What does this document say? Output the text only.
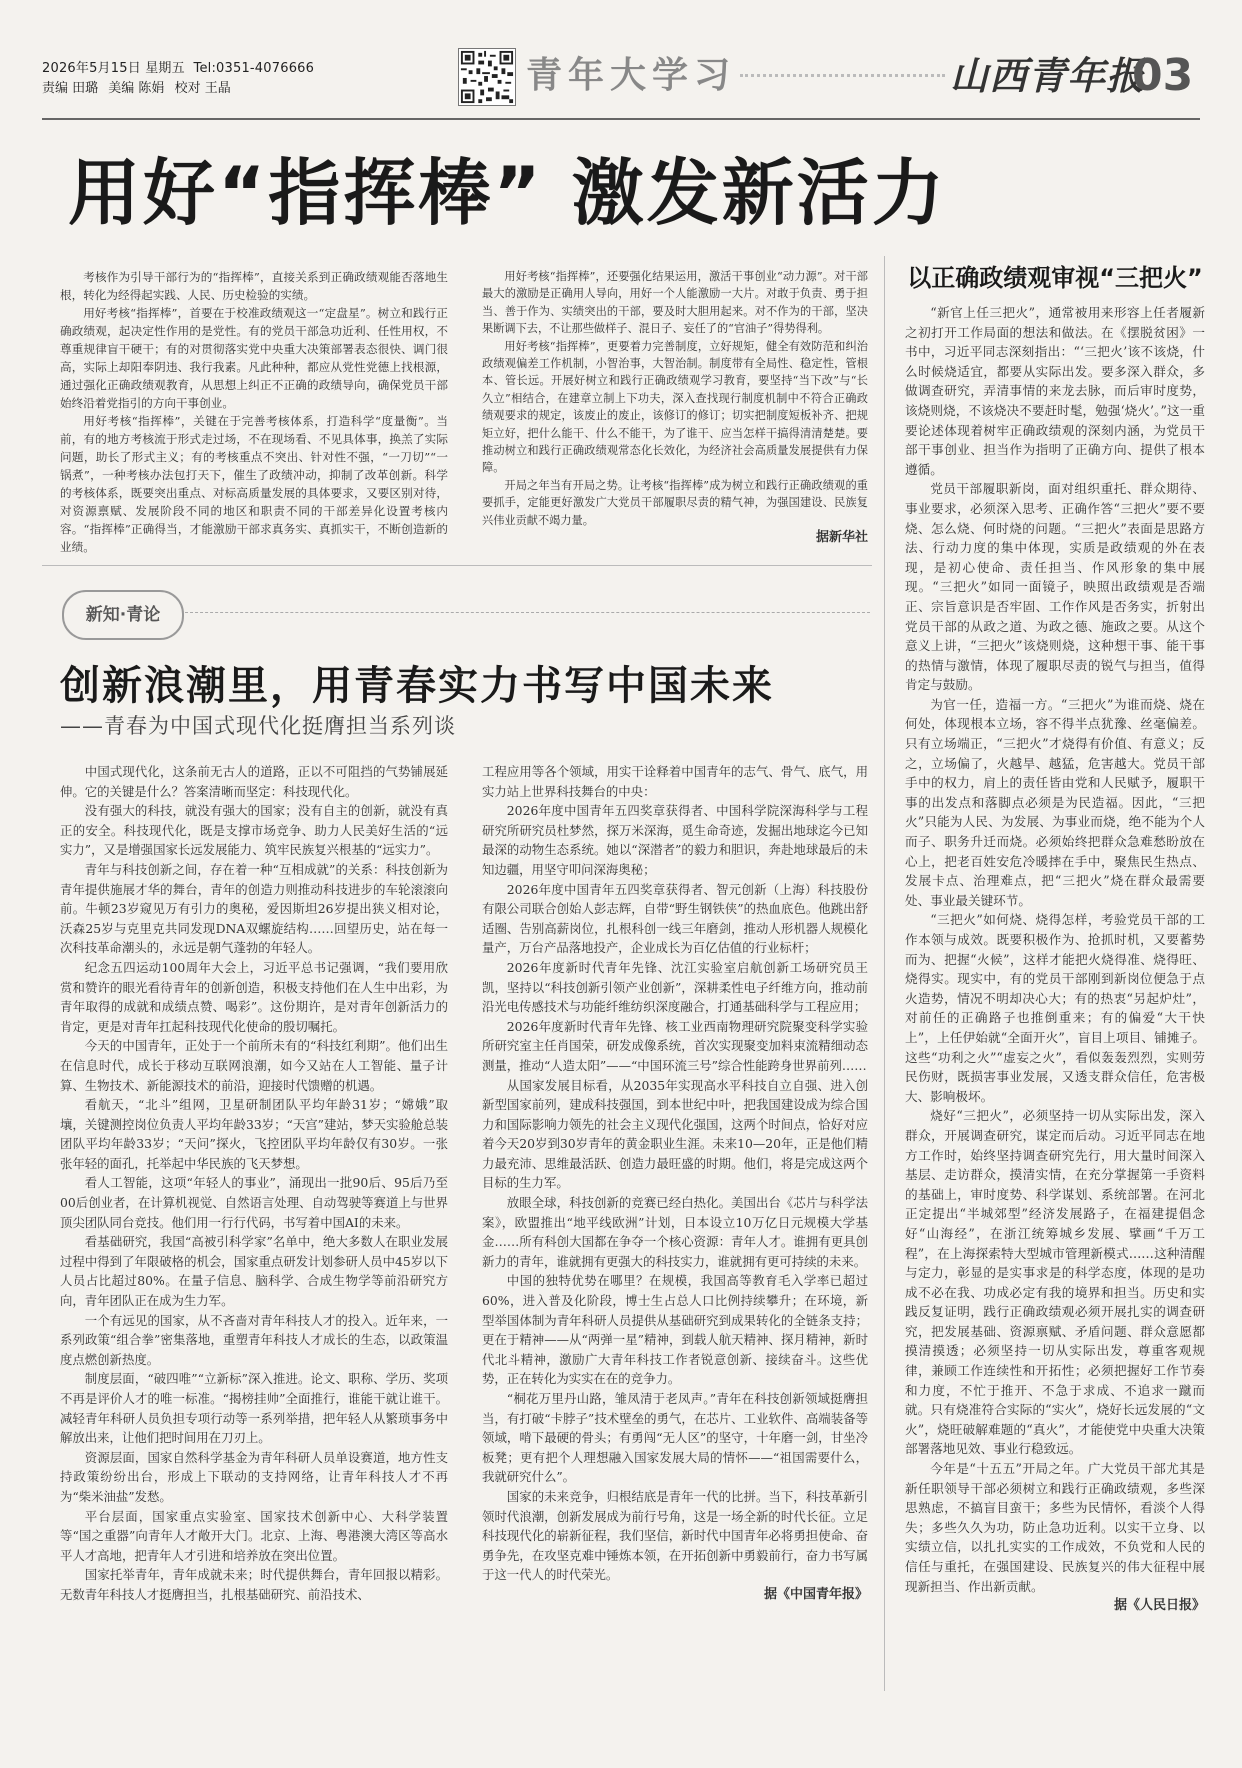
2026年5月15日 星期五 Tel:0351-4076666
责编 田璐 美编 陈娟 校对 王晶	青年大学习	山西青年报
03
用好“指挥棒” 激发新活力

考核作为引导干部行为的“指挥棒”，直接关系到正确政绩观能否落地生根，转化为经得起实践、人民、历史检验的实绩。

用好考核“指挥棒”，首要在于校准政绩观这一“定盘星”。树立和践行正确政绩观，起决定性作用的是党性。有的党员干部急功近利、任性用权，不尊重规律盲干硬干；有的对贯彻落实党中央重大决策部署表态很快、调门很高，实际上却阳奉阴违、我行我素。凡此种种，都应从党性党德上找根源，通过强化正确政绩观教育，从思想上纠正不正确的政绩导向，确保党员干部始终沿着党指引的方向干事创业。

用好考核“指挥棒”，关键在于完善考核体系，打造科学“度量衡”。当前，有的地方考核流于形式走过场，不在现场看、不见具体事，换羔了实际问题，助长了形式主义；有的考核重点不突出、针对性不强，“一刀切”“一锅煮”，一种考核办法包打天下，催生了政绩冲动，抑制了改革创新。科学的考核体系，既要突出重点、对标高质量发展的具体要求，又要区别对待，对资源禀赋、发展阶段不同的地区和职责不同的干部差异化设置考核内容。“指挥棒”正确得当，才能激励干部求真务实、真抓实干，不断创造新的业绩。

用好考核“指挥棒”，还要强化结果运用，激活干事创业“动力源”。对干部最大的激励是正确用人导向，用好一个人能激励一大片。对敢于负责、勇于担当、善于作为、实绩突出的干部，要及时大胆用起来。对不作为的干部，坚决果断调下去，不让那些做样子、混日子、妄任了的“官油子”得势得利。

用好考核“指挥棒”，更要着力完善制度，立好规矩，健全有效防范和纠治政绩观偏差工作机制，小智治事，大智治制。制度带有全局性、稳定性，管根本、管长远。开展好树立和践行正确政绩观学习教育，要坚持“当下改”与“长久立”相结合，在建章立制上下功夫，深入查找现行制度机制中不符合正确政绩观要求的规定，该废止的废止，该修订的修订；切实把制度短板补齐、把规矩立好，把什么能干、什么不能干，为了谁干、应当怎样干搞得清清楚楚。要推动树立和践行正确政绩观常态化长效化，为经济社会高质量发展提供有力保障。

开局之年当有开局之势。让考核“指挥棒”成为树立和践行正确政绩观的重要抓手，定能更好激发广大党员干部履职尽责的精气神，为强国建设、民族复兴伟业贡献不竭力量。

据新华社
以正确政绩观审视“三把火”

“新官上任三把火”，通常被用来形容上任者履新之初打开工作局面的想法和做法。在《摆脱贫困》一书中，习近平同志深刻指出：“‘三把火’该不该烧，什么时候烧适宜，都要从实际出发。要多深入群众，多做调查研究，弄清事情的来龙去脉，而后审时度势，该烧则烧，不该烧决不要赶时髦，勉强‘烧火’。”这一重要论述体现着树牢正确政绩观的深刻内涵，为党员干部干事创业、担当作为指明了正确方向、提供了根本遵循。

党员干部履职新岗，面对组织重托、群众期待、事业要求，必须深入思考、正确作答“三把火”要不要烧、怎么烧、何时烧的问题。“三把火”表面是思路方法、行动力度的集中体现，实质是政绩观的外在表现，是初心使命、责任担当、作风形象的集中展现。“三把火”如同一面镜子，映照出政绩观是否端正、宗旨意识是否牢固、工作作风是否务实，折射出党员干部的从政之道、为政之德、施政之要。从这个意义上讲，“三把火”该烧则烧，这种想干事、能干事的热情与激情，体现了履职尽责的锐气与担当，值得肯定与鼓励。

为官一任，造福一方。“三把火”为谁而烧、烧在何处，体现根本立场，容不得半点犹豫、丝毫偏差。只有立场端正，“三把火”才烧得有价值、有意义；反之，立场偏了，火越旱、越猛，危害越大。党员干部手中的权力，肩上的责任皆由党和人民赋予，履职干事的出发点和落脚点必须是为民造福。因此，“三把火”只能为人民、为发展、为事业而烧，绝不能为个人而子、职务升迁而烧。必须始终把群众急难愁盼放在心上，把老百姓安危冷暖摔在手中，聚焦民生热点、发展卡点、治理难点，把“三把火”烧在群众最需要处、事业最关键环节。

“三把火”如何烧、烧得怎样，考验党员干部的工作本领与成效。既要积极作为、抢抓时机，又要蓄势而为、把握“火候”，这样才能把火烧得准、烧得旺、烧得实。现实中，有的党员干部刚到新岗位便急于点火造势，情况不明却决心大；有的热衷“另起炉灶”，对前任的正确路子也推倒重来；有的偏爱“大干快上”，上任伊始就“全面开火”，盲目上项目、铺摊子。这些“功利之火”“虚妄之火”，看似轰轰烈烈，实则劳民伤财，既损害事业发展，又透支群众信任，危害极大、影响极坏。

烧好“三把火”，必须坚持一切从实际出发，深入群众，开展调查研究，谋定而后动。习近平同志在地方工作时，始终坚持调查研究先行，用大量时间深入基层、走访群众，摸清实情，在充分掌握第一手资料的基础上，审时度势、科学谋划、系统部署。在河北正定提出“半城郊型”经济发展路子，在福建提倡念好“山海经”，在浙江统筹城乡发展、擘画“千万工程”，在上海探索特大型城市管理新模式……这种清醒与定力，彰显的是实事求是的科学态度，体现的是功成不必在我、功成必定有我的境界和担当。历史和实践反复证明，践行正确政绩观必须开展扎实的调查研究，把发展基础、资源禀赋、矛盾问题、群众意愿都摸清摸透；必须坚持一切从实际出发，尊重客观规律，兼顾工作连续性和开拓性；必须把握好工作节奏和力度，不忙于推开、不急于求成、不追求一蹴而就。只有烧准符合实际的“实火”，烧好长远发展的“文火”，烧旺破解难题的“真火”，才能使党中央重大决策部署落地见效、事业行稳致远。

今年是“十五五”开局之年。广大党员干部尤其是新任职领导干部必须树立和践行正确政绩观，多些深思熟虑，不搞盲目蛮干；多些为民情怀，看淡个人得失；多些久久为功，防止急功近利。以实干立身、以实绩立信，以扎扎实实的工作成效，不负党和人民的信任与重托，在强国建设、民族复兴的伟大征程中展现新担当、作出新贡献。

据《人民日报》
新知·青论
创新浪潮里，用青春实力书写中国未来
——青春为中国式现代化挺膺担当系列谈

中国式现代化，这条前无古人的道路，正以不可阻挡的气势铺展延伸。它的关键是什么？答案清晰而坚定：科技现代化。

没有强大的科技，就没有强大的国家；没有自主的创新，就没有真正的安全。科技现代化，既是支撑市场竞争、助力人民美好生活的“远实力”，又是增强国家长远发展能力、筑牢民族复兴根基的“远实力”。

青年与科技创新之间，存在着一种“互相成就”的关系：科技创新为青年提供施展才华的舞台，青年的创造力则推动科技进步的车轮滚滚向前。牛顿23岁窥见万有引力的奥秘，爱因斯坦26岁提出狭义相对论，沃森25岁与克里克共同发现DNA双螺旋结构……回望历史，站在每一次科技革命潮头的，永远是朝气蓬勃的年轻人。

纪念五四运动100周年大会上，习近平总书记强调，“我们要用欣赏和赞许的眼光看待青年的创新创造，积极支持他们在人生中出彩，为青年取得的成就和成绩点赞、喝彩”。这份期许，是对青年创新活力的肯定，更是对青年扛起科技现代化使命的殷切嘱托。

今天的中国青年，正处于一个前所未有的“科技红利期”。他们出生在信息时代，成长于移动互联网浪潮，如今又站在人工智能、量子计算、生物技术、新能源技术的前沿，迎接时代馈赠的机遇。

看航天，“北斗”组网，卫星研制团队平均年龄31岁；“嫦娥”取壤，关键测控岗位负责人平均年龄33岁；“天宫”建站，梦天实验舱总装团队平均年龄33岁；“天问”探火，飞控团队平均年龄仅有30岁。一张张年轻的面孔，托举起中华民族的飞天梦想。

看人工智能，这项“年轻人的事业”，涌现出一批90后、95后乃至00后创业者，在计算机视觉、自然语言处理、自动驾驶等赛道上与世界顶尖团队同台竞技。他们用一行行代码，书写着中国AI的未来。

看基础研究，我国“高被引科学家”名单中，绝大多数人在职业发展过程中得到了年限破格的机会，国家重点研发计划参研人员中45岁以下人员占比超过80%。在量子信息、脑科学、合成生物学等前沿研究方向，青年团队正在成为生力军。

一个有远见的国家，从不吝啬对青年科技人才的投入。近年来，一系列政策“组合拳”密集落地，重塑青年科技人才成长的生态，以政策温度点燃创新热度。

制度层面，“破四唯”“立新标”深入推进。论文、职称、学历、奖项不再是评价人才的唯一标准。“揭榜挂帅”全面推行，谁能干就让谁干。减轻青年科研人员负担专项行动等一系列举措，把年轻人从繁琐事务中解放出来，让他们把时间用在刀刃上。

资源层面，国家自然科学基金为青年科研人员单设赛道，地方性支持政策纷纷出台，形成上下联动的支持网络，让青年科技人才不再为“柴米油盐”发愁。

平台层面，国家重点实验室、国家技术创新中心、大科学装置等“国之重器”向青年人才敞开大门。北京、上海、粤港澳大湾区等高水平人才高地，把青年人才引进和培养放在突出位置。

国家托举青年，青年成就未来；时代提供舞台，青年回报以精彩。无数青年科技人才挺膺担当，扎根基础研究、前沿技术、

工程应用等各个领域，用实干诠释着中国青年的志气、骨气、底气，用实力站上世界科技舞台的中央：

2026年度中国青年五四奖章获得者、中国科学院深海科学与工程研究所研究员杜梦然，探万米深海，觅生命奇迹，发掘出地球迄今已知最深的动物生态系统。她以“深潜者”的毅力和胆识，奔赴地球最后的未知边疆，用坚守叩问深海奥秘；

2026年度中国青年五四奖章获得者、智元创新（上海）科技股份有限公司联合创始人彭志辉，自带“野生钢铁侠”的热血底色。他跳出舒适圈、告别高薪岗位，扎根科创一线三年磨剑，推动人形机器人规模化量产，万台产品落地投产，企业成长为百亿估值的行业标杆；

2026年度新时代青年先锋、沈江实验室启航创新工场研究员王凯，坚持以“科技创新引领产业创新”，深耕柔性电子纤维方向，推动前沿光电传感技术与功能纤维纺织深度融合，打通基础科学与工程应用；

2026年度新时代青年先锋、核工业西南物理研究院聚变科学实验所研究室主任肖国荣，研发成像系统，首次实现聚变加料束流精细动态测量，推动“人造太阳”——“中国环流三号”综合性能跨身世界前列……

从国家发展目标看，从2035年实现高水平科技自立自强、进入创新型国家前列，建成科技强国，到本世纪中叶，把我国建设成为综合国力和国际影响力领先的社会主义现代化强国，这两个时间点，恰好对应着今天20岁到30岁青年的黄金职业生涯。未来10—20年，正是他们精力最充沛、思维最活跃、创造力最旺盛的时期。他们，将是完成这两个目标的生力军。

放眼全球，科技创新的竞赛已经白热化。美国出台《芯片与科学法案》，欧盟推出“地平线欧洲”计划，日本设立10万亿日元规模大学基金……所有科创大国都在争夺一个核心资源：青年人才。谁拥有更具创新力的青年，谁就拥有更强大的科技实力，谁就拥有更可持续的未来。

中国的独特优势在哪里？在规模，我国高等教育毛入学率已超过60%，进入普及化阶段，博士生占总人口比例持续攀升；在环境，新型举国体制为青年科研人员提供从基础研究到成果转化的全链条支持；更在于精神——从“两弹一星”精神，到载人航天精神、探月精神，新时代北斗精神，激励广大青年科技工作者锐意创新、接续奋斗。这些优势，正在转化为实实在在的竞争力。

“桐花万里丹山路，雏凤清于老凤声。”青年在科技创新领域挺膺担当，有打破“卡脖子”技术壁垒的勇气，在芯片、工业软件、高端装备等领域，啃下最硬的骨头；有勇闯“无人区”的坚守，十年磨一剑，甘坐冷板凳；更有把个人理想融入国家发展大局的情怀——“祖国需要什么，我就研究什么”。

国家的未来竞争，归根结底是青年一代的比拼。当下，科技革新引领时代浪潮，创新发展成为前行号角，这是一场全新的时代长征。立足科技现代化的崭新征程，我们坚信，新时代中国青年必将勇担使命、奋勇争先，在攻坚克难中锤炼本领，在开拓创新中勇毅前行，奋力书写属于这一代人的时代荣光。

据《中国青年报》
